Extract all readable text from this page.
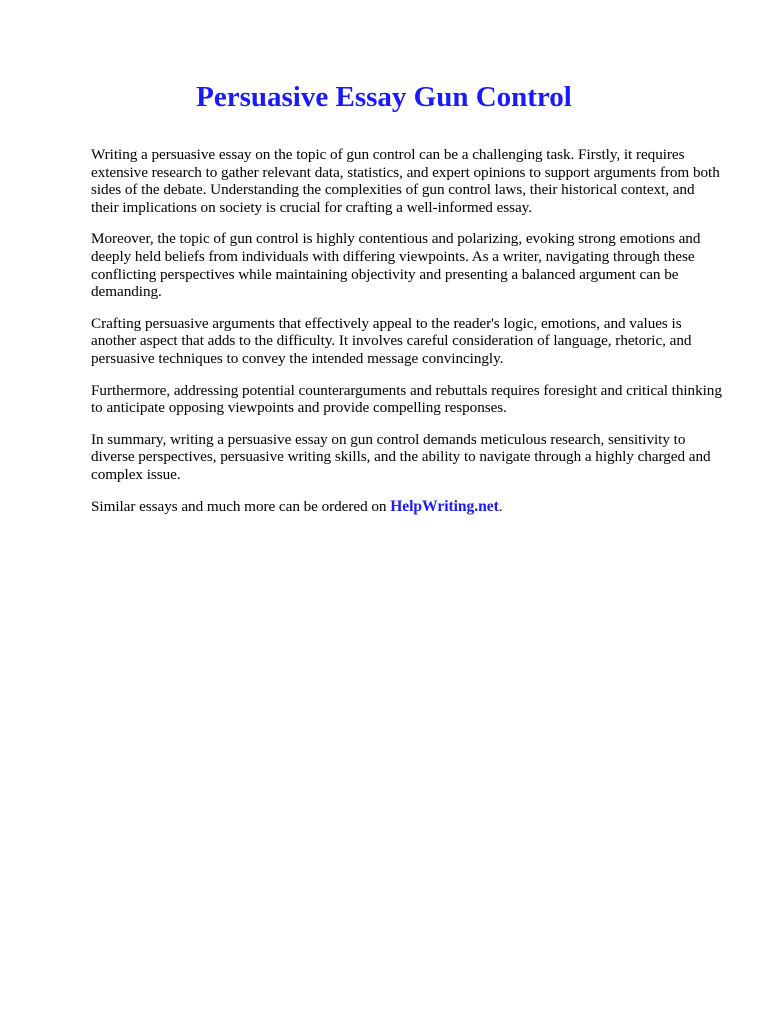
Persuasive Essay Gun Control

Writing a persuasive essay on the topic of gun control can be a challenging task. Firstly, it requires extensive research to gather relevant data, statistics, and expert opinions to support arguments from both sides of the debate. Understanding the complexities of gun control laws, their historical context, and their implications on society is crucial for crafting a well-informed essay.

Moreover, the topic of gun control is highly contentious and polarizing, evoking strong emotions and deeply held beliefs from individuals with differing viewpoints. As a writer, navigating through these conflicting perspectives while maintaining objectivity and presenting a balanced argument can be demanding.

Crafting persuasive arguments that effectively appeal to the reader's logic, emotions, and values is another aspect that adds to the difficulty. It involves careful consideration of language, rhetoric, and persuasive techniques to convey the intended message convincingly.

Furthermore, addressing potential counterarguments and rebuttals requires foresight and critical thinking to anticipate opposing viewpoints and provide compelling responses.

In summary, writing a persuasive essay on gun control demands meticulous research, sensitivity to diverse perspectives, persuasive writing skills, and the ability to navigate through a highly charged and complex issue.

Similar essays and much more can be ordered on HelpWriting.net.
